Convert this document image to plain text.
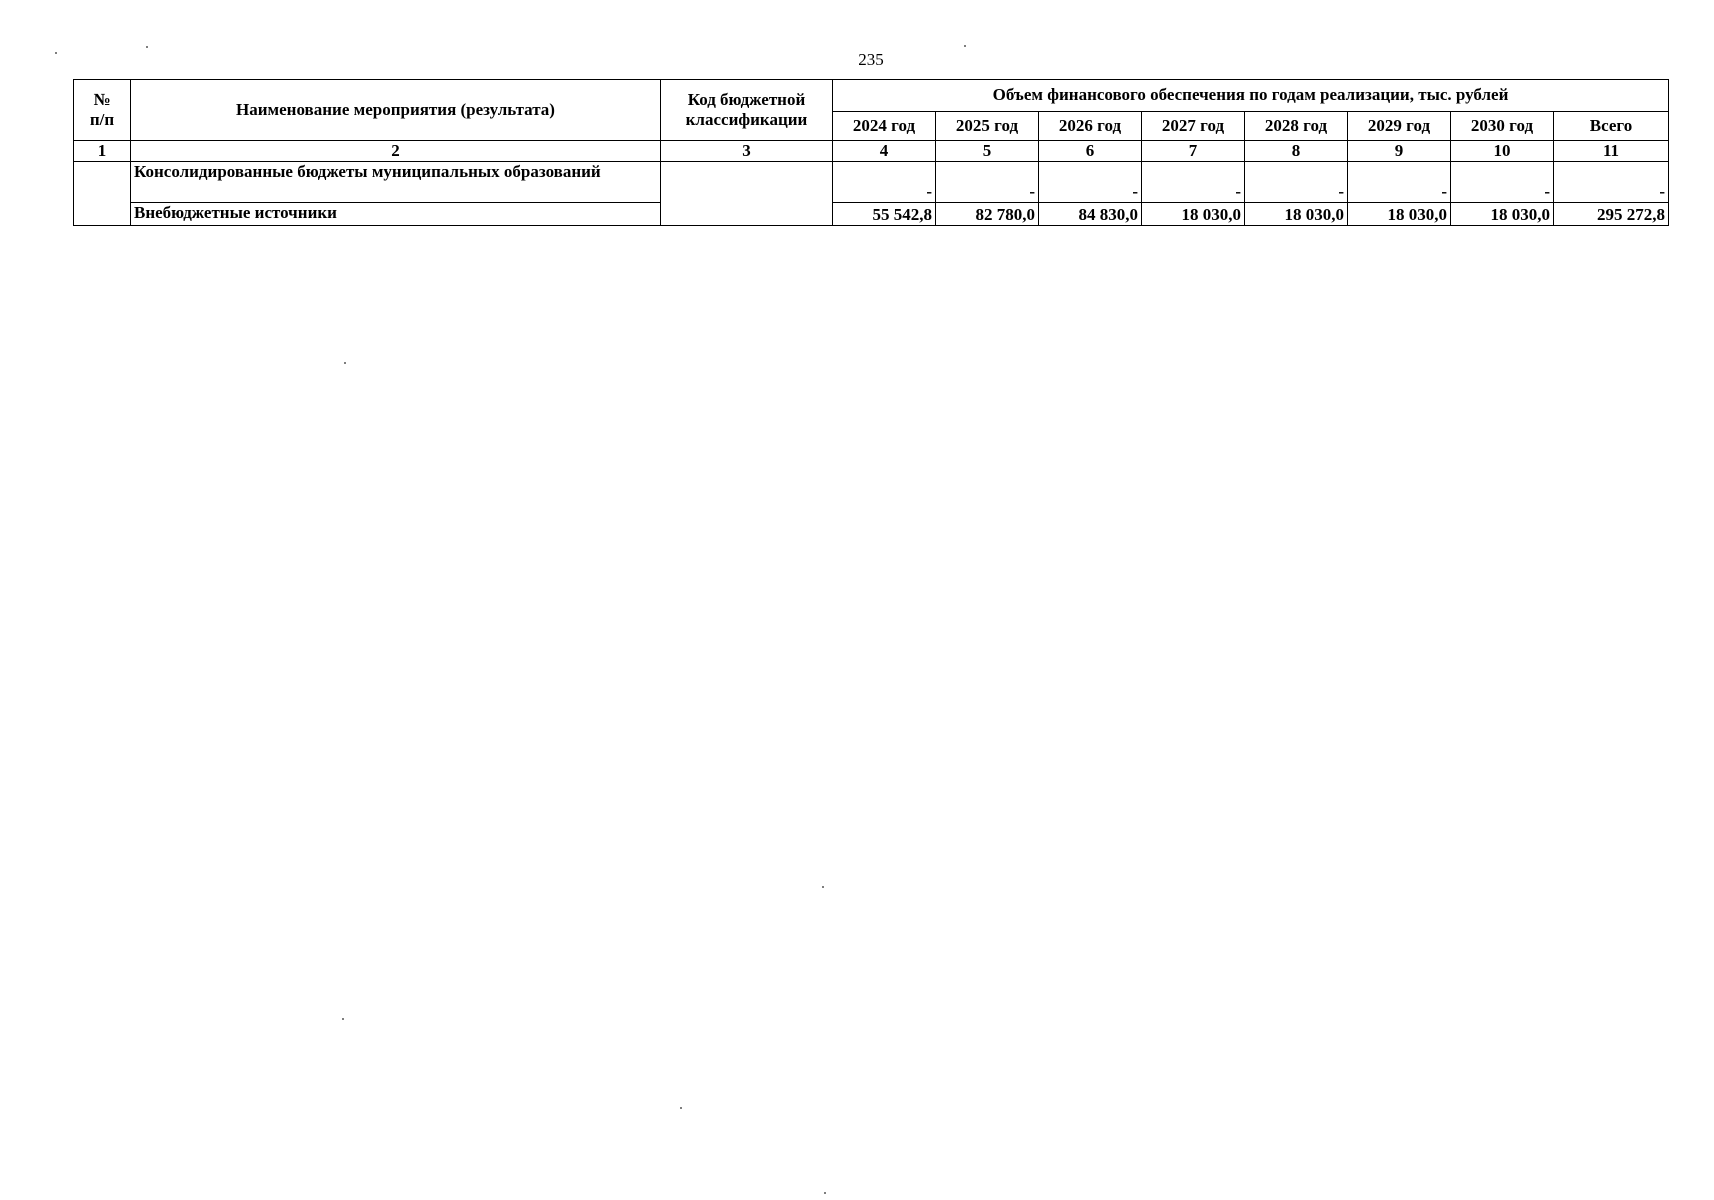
235
№
п/п	Наименование мероприятия (результата)	Код бюджетной классификации	Объем финансового обеспечения по годам реализации, тыс. рублей							
			2024 год	2025 год	2026 год	2027 год	2028 год	2029 год	2030 год	Всего
1	2	3	4	5	6	7	8	9	10	11
	Консолидированные бюджеты муниципальных образований		-	-	-	-	-	-	-	-
	Внебюджетные источники		55 542,8	82 780,0	84 830,0	18 030,0	18 030,0	18 030,0	18 030,0	295 272,8
